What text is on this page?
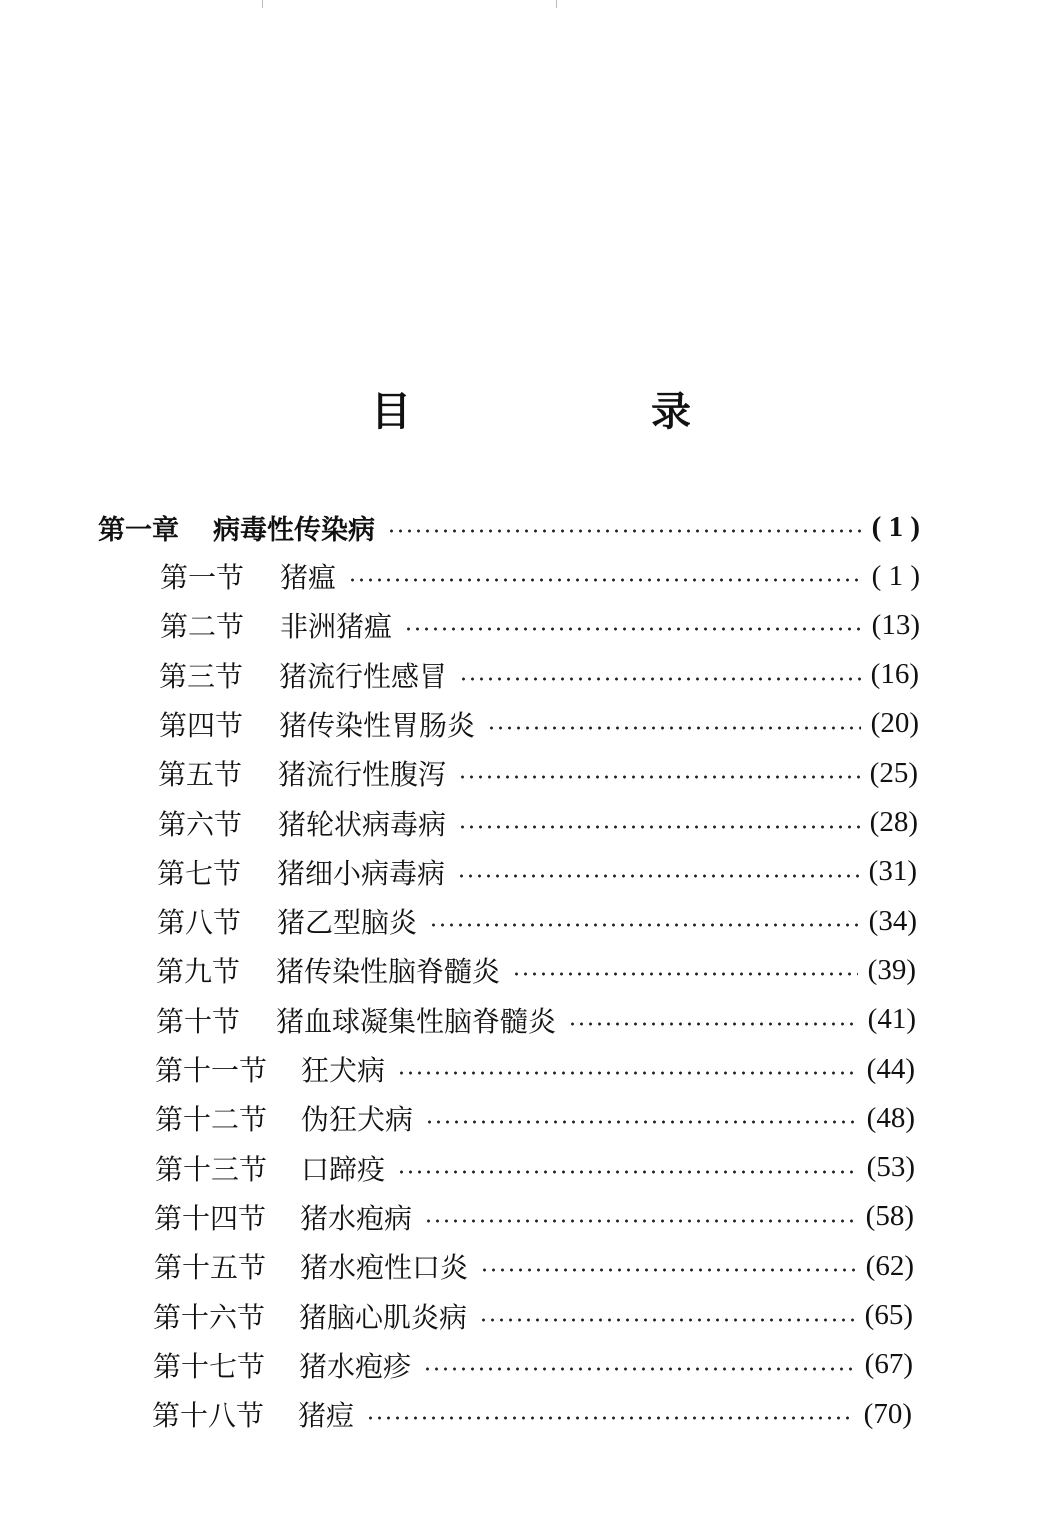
目　录
第一章 病毒性传染病	( 1 )
第一节 猪瘟	( 1 )
第二节 非洲猪瘟	(13)
第三节 猪流行性感冒	(16)
第四节 猪传染性胃肠炎	(20)
第五节 猪流行性腹泻	(25)
第六节 猪轮状病毒病	(28)
第七节 猪细小病毒病	(31)
第八节 猪乙型脑炎	(34)
第九节 猪传染性脑脊髓炎	(39)
第十节 猪血球凝集性脑脊髓炎	(41)
第十一节 狂犬病	(44)
第十二节 伪狂犬病	(48)
第十三节 口蹄疫	(53)
第十四节 猪水疱病	(58)
第十五节 猪水疱性口炎	(62)
第十六节 猪脑心肌炎病	(65)
第十七节 猪水疱疹	(67)
第十八节 猪痘	(70)
